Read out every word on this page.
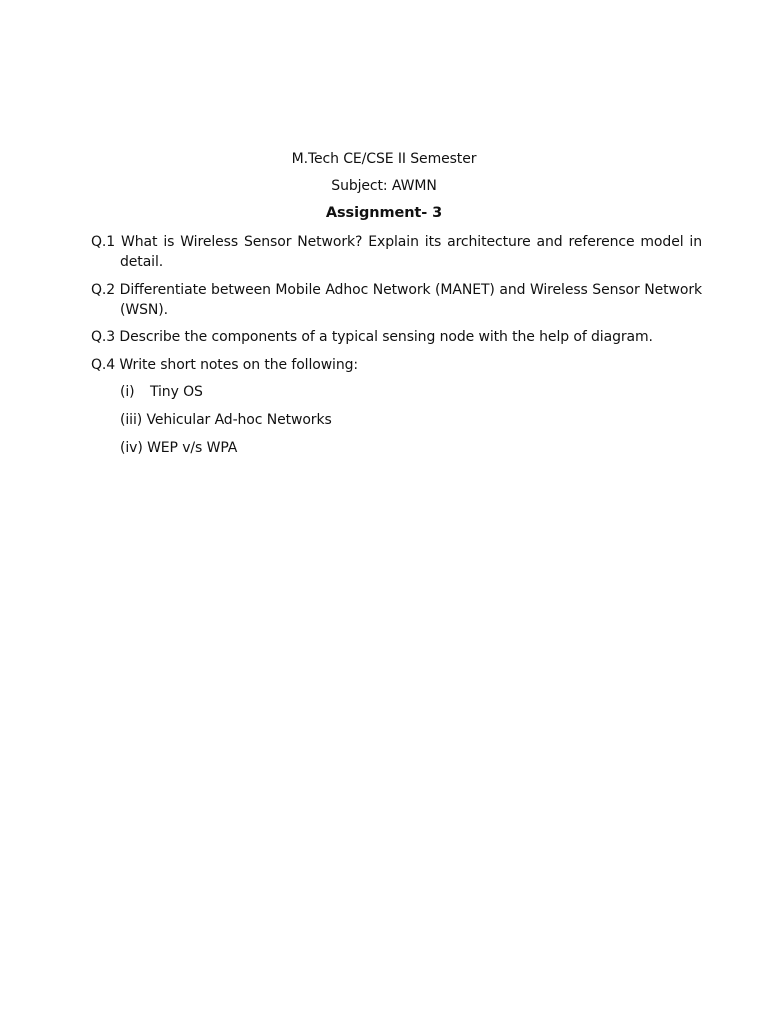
M.Tech CE/CSE II Semester
Subject: AWMN
Assignment- 3
Q.1 What is Wireless Sensor Network? Explain its architecture and reference model in detail.
Q.2 Differentiate between Mobile Adhoc Network (MANET) and Wireless Sensor Network (WSN).
Q.3 Describe the components of a typical sensing node with the help of diagram.
Q.4 Write short notes on the following:
(i) Tiny OS
(iii) Vehicular Ad-hoc Networks
(iv) WEP v/s WPA
